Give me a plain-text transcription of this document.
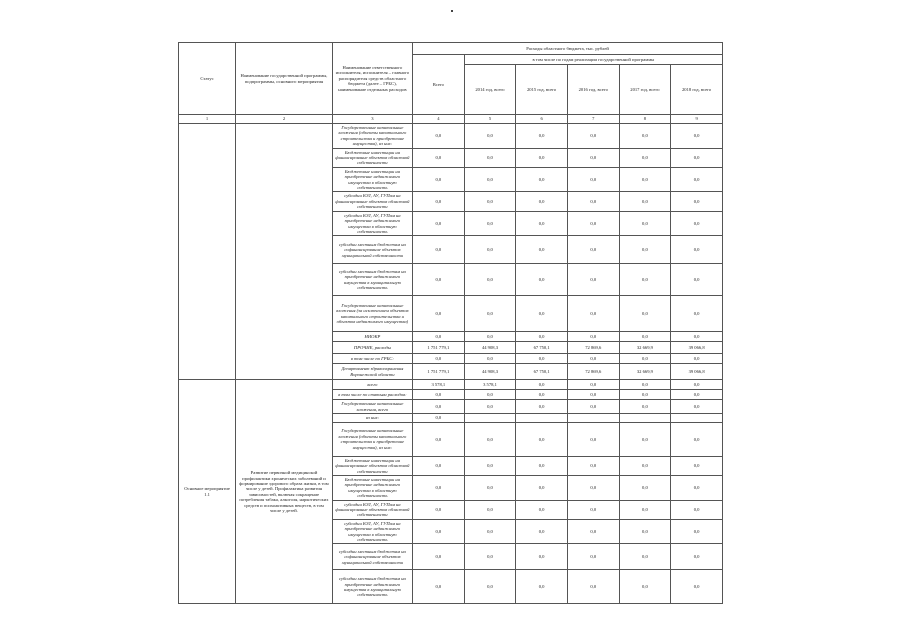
Статус	Наименование государственной программы, подпрограммы, основного мероприятия	Наименование ответственного исполнителя, исполнителя – главного распорядителя средств областного бюджета (далее – ГРБС), наименование отдельных расходов	Расходы областного бюджета, тыс. рублей					
			Всего	в том числе по годам реализации государственной программы				
				2014 год, всего	2015 год, всего	2016 год, всего	2017 год, всего	2018 год, всего
1	2	3	4	5	6	7	8	9
		Государственные капитальные вложения (объекты капитального строительства и приобретение имущества), из них:	0,0	0,0	0,0	0,0	0,0	0,0
		Бюджетные инвестиции на финансирование объектов областной собственности	0,0	0,0	0,0	0,0	0,0	0,0
		Бюджетные инвестиции на приобретение недвижимого имущества в областную собственность	0,0	0,0	0,0	0,0	0,0	0,0
		субсидии ЮЛ, АУ, ГУПам на финансирование объектов областной собственности	0,0	0,0	0,0	0,0	0,0	0,0
		субсидии ЮЛ, АУ, ГУПам на приобретение недвижимого имущества в областную собственность	0,0	0,0	0,0	0,0	0,0	0,0
		субсидии местным бюджетам на софинансирование объектов муниципальной собственности	0,0	0,0	0,0	0,0	0,0	0,0
		субсидии местным бюджетам на приобретение недвижимого имущества в муниципальную собственность	0,0	0,0	0,0	0,0	0,0	0,0
		Государственные капитальные вложения (за исключением объектов капитального строительства и объектов недвижимого имущества)	0,0	0,0	0,0	0,0	0,0	0,0
		НИОКР	0,0	0,0	0,0	0,0	0,0	0,0
		ПРОЧИЕ, расходы	1 751 779,1	44 908,3	67 750,1	72 869,6	32 669,9	39 066,8
		в том числе по ГРБС:	0,0	0,0	0,0	0,0	0,0	0,0
		Департамент здравоохранения Воронежской области	1 751 779,1	44 908,3	67 750,1	72 869,6	32 669,9	39 066,8
Основное мероприятие 1.1	Развитие первичной медицинской профилактики хронических заболеваний и формирование здорового образа жизни, в том числе у детей. Профилактика развития зависимостей, включая сокращение потребления табака, алкоголя, наркотических средств и психоактивных веществ, в том числе у детей.	всего	3 578,1	3 578,1	0,0	0,0	0,0	0,0
		в том числе по статьям расходов:	0,0	0,0	0,0	0,0	0,0	0,0
		Государственные капитальные вложения, всего	0,0	0,0	0,0	0,0	0,0	0,0
		из них:	0,0					
		Государственные капитальные вложения (объекты капитального строительства и приобретение имущества), из них:	0,0	0,0	0,0	0,0	0,0	0,0
		Бюджетные инвестиции на финансирование объектов областной собственности	0,0	0,0	0,0	0,0	0,0	0,0
		Бюджетные инвестиции на приобретение недвижимого имущества в областную собственность	0,0	0,0	0,0	0,0	0,0	0,0
		субсидии ЮЛ, АУ, ГУПам на финансирование объектов областной собственности	0,0	0,0	0,0	0,0	0,0	0,0
		субсидии ЮЛ, АУ, ГУПам на приобретение недвижимого имущества в областную собственность	0,0	0,0	0,0	0,0	0,0	0,0
		субсидии местным бюджетам на софинансирование объектов муниципальной собственности	0,0	0,0	0,0	0,0	0,0	0,0
		субсидии местным бюджетам на приобретение недвижимого имущества в муниципальную собственность	0,0	0,0	0,0	0,0	0,0	0,0
